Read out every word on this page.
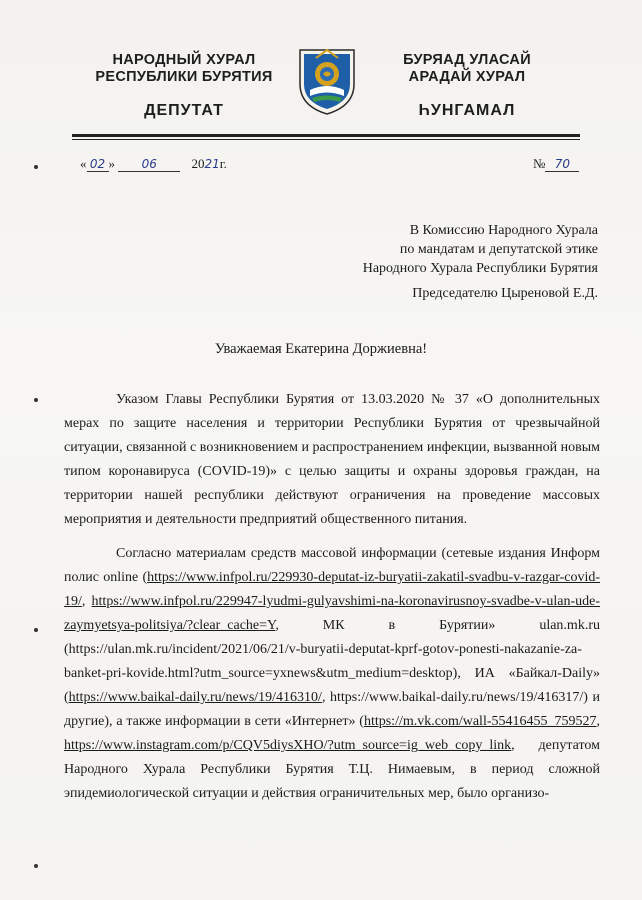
НАРОДНЫЙ ХУРАЛ
РЕСПУБЛИКИ БУРЯТИЯ
ДЕПУТАТ
БУРЯАД УЛАСАЙ
АРАДАЙ ХУРАЛ
ҺУНГАМАЛ
« 02 » 06	2021г.	№ 70
В Комиссию Народного Хурала
по мандатам и депутатской этике
Народного Хурала Республики Бурятия
Председателю Цыреновой Е.Д.
Уважаемая Екатерина Доржиевна!

Указом Главы Республики Бурятия от 13.03.2020 № 37 «О дополнительных мерах по защите населения и территории Республики Бурятия от чрезвычайной ситуации, связанной с возникновением и распространением инфекции, вызванной новым типом коронавируса (COVID-19)» с целью защиты и охраны здоровья граждан, на территории нашей республики действуют ограничения на проведение массовых мероприятия и деятельности предприятий общественного питания.

Согласно материалам средств массовой информации (сетевые издания Информ полис online (https://www.infpol.ru/229930-deputat-iz-buryatii-zakatil-svadbu-v-razgar-covid-19/, https://www.infpol.ru/229947-lyudmi-gulyavshimi-na-koronavirusnoy-svadbe-v-ulan-ude-zaymyetsya-politsiya/?clear_cache=Y, МК в Бурятии» ulan.mk.ru (https://ulan.mk.ru/incident/2021/06/21/v-buryatii-deputat-kprf-gotov-ponesti-nakazanie-za-banket-pri-kovide.html?utm_source=yxnews&utm_medium=desktop), ИА «Байкал-Daily» (https://www.baikal-daily.ru/news/19/416310/, https://www.baikal-daily.ru/news/19/416317/) и другие), а также информации в сети «Интернет» (https://m.vk.com/wall-55416455_759527, https://www.instagram.com/p/CQV5diysXHO/?utm_source=ig_web_copy_link, депутатом Народного Хурала Республики Бурятия Т.Ц. Нимаевым, в период сложной эпидемиологической ситуации и действия ограничительных мер, было организо-
